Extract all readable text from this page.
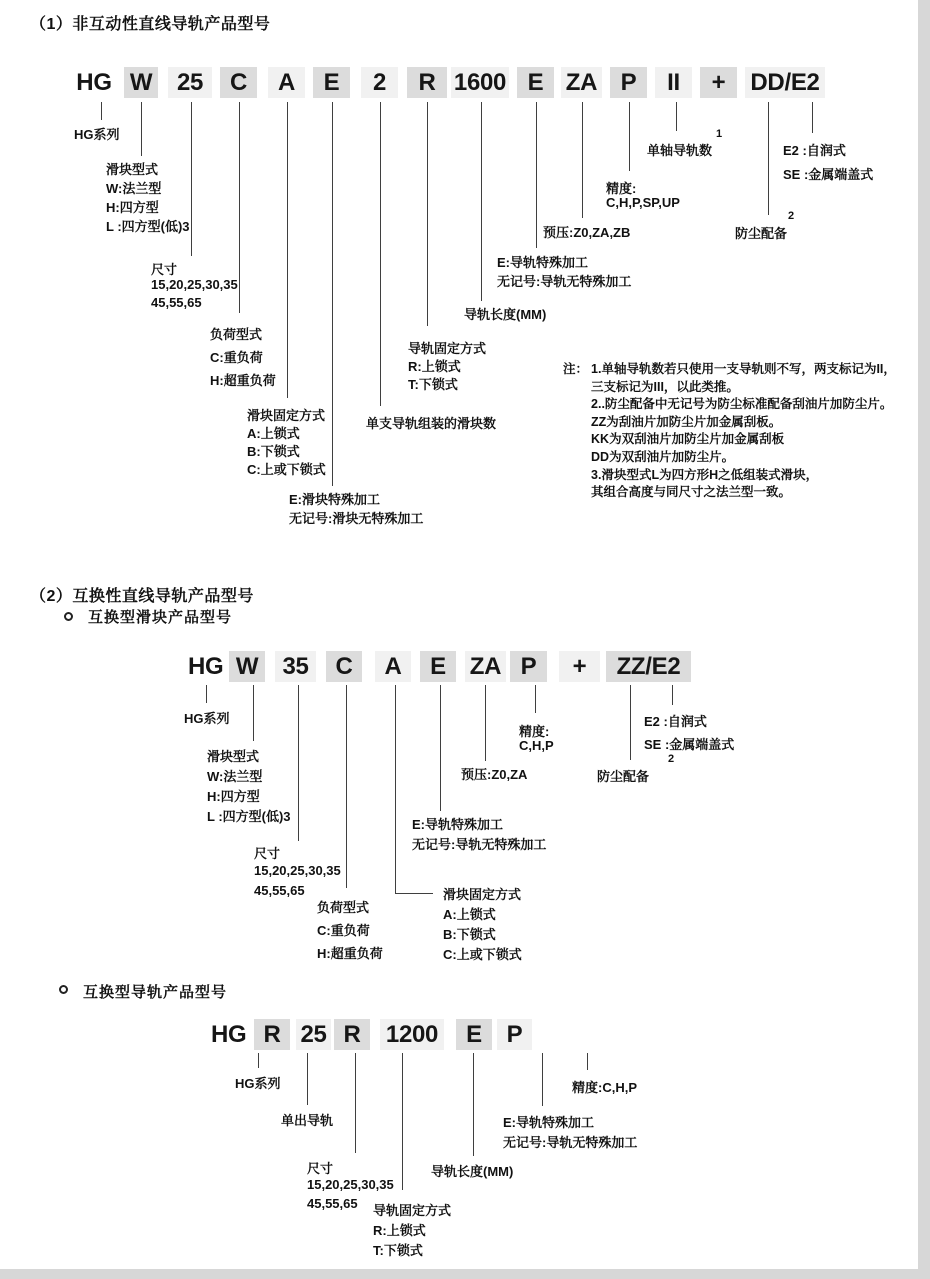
（1）非互动性直线导轨产品型号
HG W	25	C	A	E	2	R 1600 E ZA P	II	+	DD/E2
HG系列
滑块型式
W:法兰型
H:四方型
L :四方型(低)3
尺寸
15,20,25,30,35
45,55,65
负荷型式
C:重负荷
H:超重负荷
滑块固定方式
A:上锁式
B:下锁式
C:上或下锁式
E:滑块特殊加工
无记号:滑块无特殊加工
单支导轨组装的滑块数
导轨固定方式
R:上锁式
T:下锁式
导轨长度(MM)
E:导轨特殊加工
无记号:导轨无特殊加工
预压:Z0,ZA,ZB
精度:
C,H,P,SP,UP
单轴导轨数
防尘配备
E2 :自润式
SE :金属端盖式
1
2
注： 1.单轴导轨数若只使用一支导轨则不写，两支标记为II，
三支标记为III，以此类推。
2..防尘配备中无记号为防尘标准配备刮油片加防尘片。
ZZ为刮油片加防尘片加金属刮板。
KK为双刮油片加防尘片加金属刮板
DD为双刮油片加防尘片。
3.滑块型式L为四方形H之低组装式滑块，
其组合高度与同尺寸之法兰型一致。
（2）互换性直线导轨产品型号
互换型滑块产品型号
HG W	35	C	A	E ZA P	+	ZZ/E2
HG系列
滑块型式
W:法兰型
H:四方型
L :四方型(低)3
尺寸
15,20,25,30,35
45,55,65
负荷型式
C:重负荷
H:超重负荷
滑块固定方式
A:上锁式
B:下锁式
C:上或下锁式
E:导轨特殊加工
无记号:导轨无特殊加工
预压:Z0,ZA
精度:
C,H,P
防尘配备
E2 :自润式
SE :金属端盖式
2
互换型导轨产品型号
HG R 25 R	1200	E	P
HG系列
单出导轨
尺寸
15,20,25,30,35
45,55,65	导轨固定方式
R:上锁式
T:下锁式
导轨长度(MM)
E:导轨特殊加工
无记号:导轨无特殊加工
精度:C,H,P
